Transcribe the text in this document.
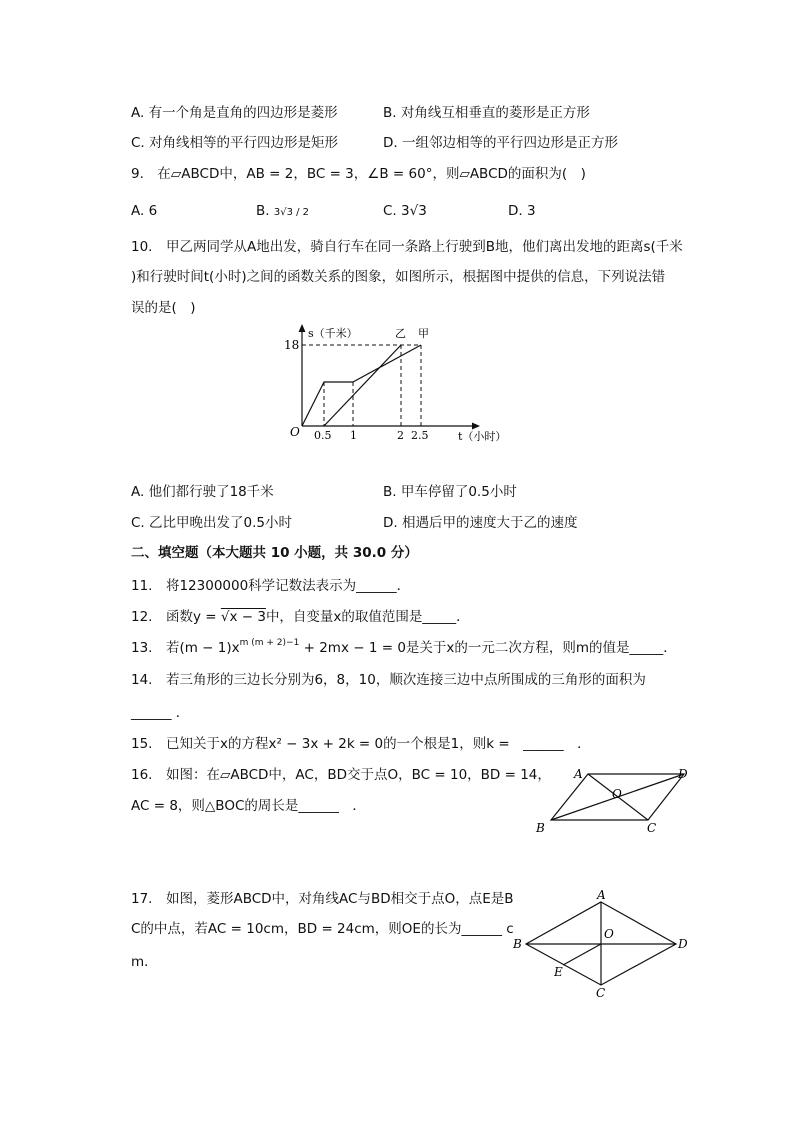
A. 有一个角是直角的四边形是菱形	B. 对角线互相垂直的菱形是正方形
C. 对角线相等的平行四边形是矩形	D. 一组邻边相等的平行四边形是正方形
9.　在▱ABCD中，AB = 2，BC = 3，∠B = 60°，则▱ABCD的面积为(　)
A. 6	B. 3√3 / 2	C. 3√3	D. 3
10.　甲乙两同学从A地出发，骑自行车在同一条路上行驶到B地，他们离出发地的距离s(千米
)和行驶时间t(小时)之间的函数关系的图象，如图所示，根据图中提供的信息，下列说法错
误的是(　)
s（千米）	乙 甲
18
O 0.5 1	2 2.5	t（小时）
A. 他们都行驶了18千米	B. 甲车停留了0.5小时
C. 乙比甲晚出发了0.5小时	D. 相遇后甲的速度大于乙的速度
二、填空题（本大题共 10 小题，共 30.0 分）
11.　将12300000科学记数法表示为______．
12.　函数y = √x − 3中，自变量x的取值范围是_____．
13.　若$(m - 1)x^{m (m + 2)-1} + 2mx - 1 = 0$是关于x的一元二次方程，则m的值是_____．
14.　若三角形的三边长分别为6，8，10，顺次连接三边中点所围成的三角形的面积为
______ ．
15.　已知关于x的方程x² − 3x + 2k = 0的一个根是1，则k =　______　．
16.　如图：在▱ABCD中，AC，BD交于点O，BC = 10，BD = 14，
AC = 8，则△BOC的周长是______　．
A	D
O
B	C
17.　如图，菱形ABCD中，对角线AC与BD相交于点O，点E是B
C的中点，若AC = 10cm，BD = 24cm，则OE的长为______ c
m．
A
B	D
O
E
C
